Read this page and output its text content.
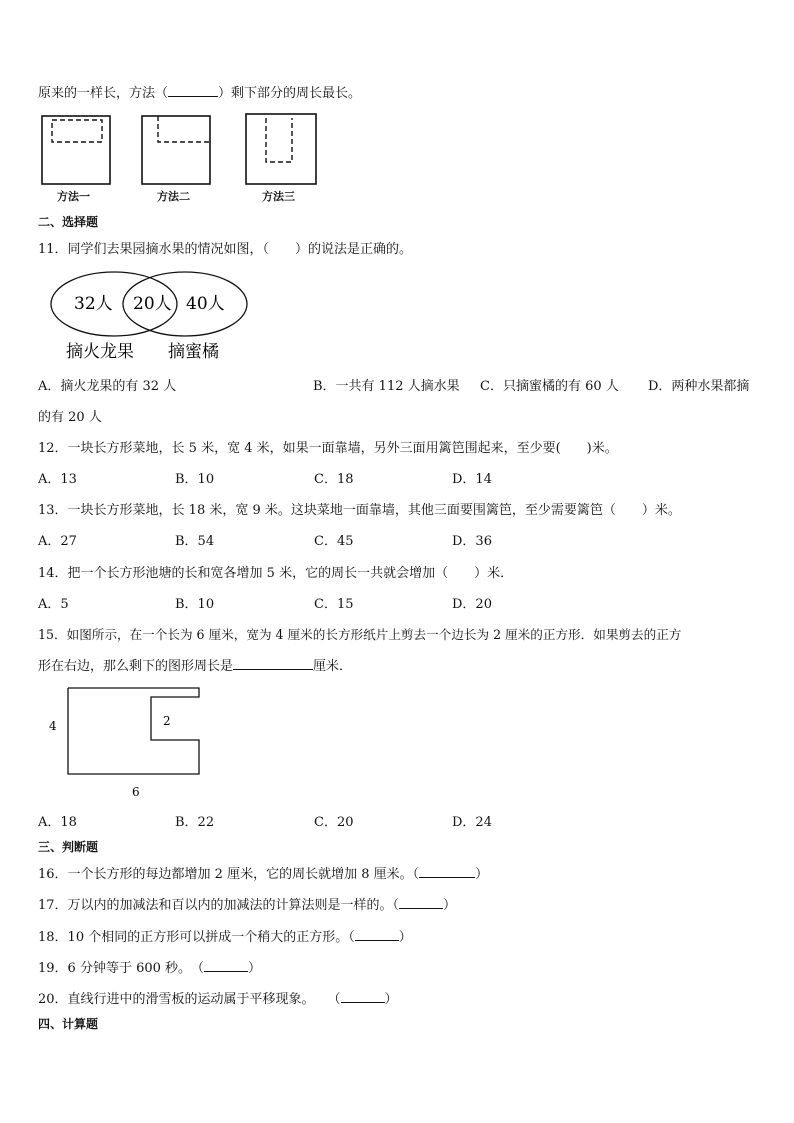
原来的一样长，方法（	）剩下部分的周长最长。
方法一	方法二	方法三
二、选择题
11．同学们去果园摘水果的情况如图，（　　）的说法是正确的。
32人 20人 40人
摘火龙果 摘蜜橘
A．摘火龙果的有 32 人	B．一共有 112 人摘水果 C．只摘蜜橘的有 60 人 D．两种水果都摘
的有 20 人
12．一块长方形菜地，长 5 米，宽 4 米，如果一面靠墙，另外三面用篱笆围起来，至少要(　　)米。
A．13	B．10	C．18	D．14
13．一块长方形菜地，长 18 米，宽 9 米。这块菜地一面靠墙，其他三面要围篱笆，至少需要篱笆（　　）米。
A．27	B．54	C．45	D．36
14．把一个长方形池塘的长和宽各增加 5 米，它的周长一共就会增加（　　）米．
A．5	B．10	C．15	D．20
15．如图所示，在一个长为 6 厘米，宽为 4 厘米的长方形纸片上剪去一个边长为 2 厘米的正方形．如果剪去的正方
形在右边，那么剩下的图形周长是	厘米．
4	2
6
A．18	B．22	C．20	D．24
三、判断题
16．一个长方形的每边都增加 2 厘米，它的周长就增加 8 厘米。（	）
17．万以内的加减法和百以内的加减法的计算法则是一样的。（	）
18．10 个相同的正方形可以拼成一个稍大的正方形。（	）
19．6 分钟等于 600 秒。　（	）
20．直线行进中的滑雪板的运动属于平移现象。　　（	）
四、计算题
